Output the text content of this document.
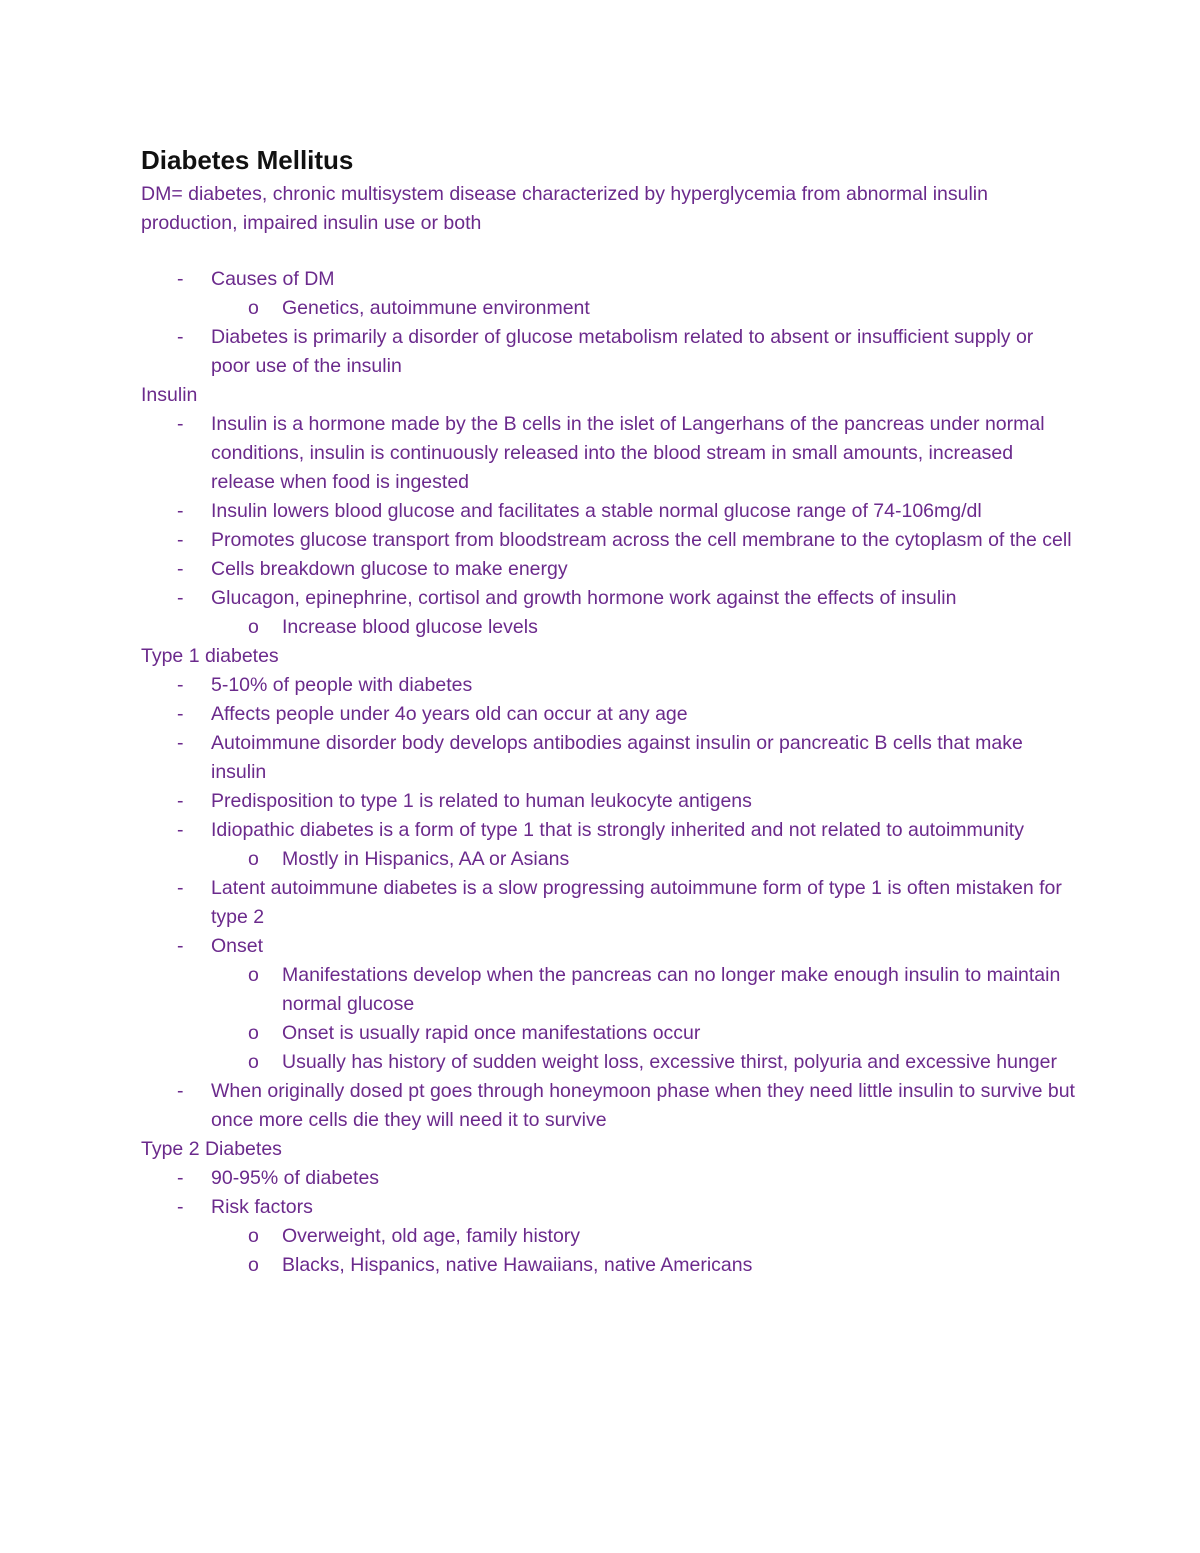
Diabetes Mellitus
DM= diabetes, chronic multisystem disease characterized by hyperglycemia from abnormal insulin production, impaired insulin use or both
- Causes of DM
o Genetics, autoimmune environment
- Diabetes is primarily a disorder of glucose metabolism related to absent or insufficient supply or poor use of the insulin
Insulin
- Insulin is a hormone made by the B cells in the islet of Langerhans of the pancreas under normal conditions, insulin is continuously released into the blood stream in small amounts, increased release when food is ingested
- Insulin lowers blood glucose and facilitates a stable normal glucose range of 74-106mg/dl
- Promotes glucose transport from bloodstream across the cell membrane to the cytoplasm of the cell
- Cells breakdown glucose to make energy
- Glucagon, epinephrine, cortisol and growth hormone work against the effects of insulin
o Increase blood glucose levels
Type 1 diabetes
- 5-10% of people with diabetes
- Affects people under 4o years old can occur at any age
- Autoimmune disorder body develops antibodies against insulin or pancreatic B cells that make insulin
- Predisposition to type 1 is related to human leukocyte antigens
- Idiopathic diabetes is a form of type 1 that is strongly inherited and not related to autoimmunity
o Mostly in Hispanics, AA or Asians
- Latent autoimmune diabetes is a slow progressing autoimmune form of type 1 is often mistaken for type 2
- Onset
o Manifestations develop when the pancreas can no longer make enough insulin to maintain normal glucose
o Onset is usually rapid once manifestations occur
o Usually has history of sudden weight loss, excessive thirst, polyuria and excessive hunger
- When originally dosed pt goes through honeymoon phase when they need little insulin to survive but once more cells die they will need it to survive
Type 2 Diabetes
- 90-95% of diabetes
- Risk factors
o Overweight, old age, family history
o Blacks, Hispanics, native Hawaiians, native Americans
